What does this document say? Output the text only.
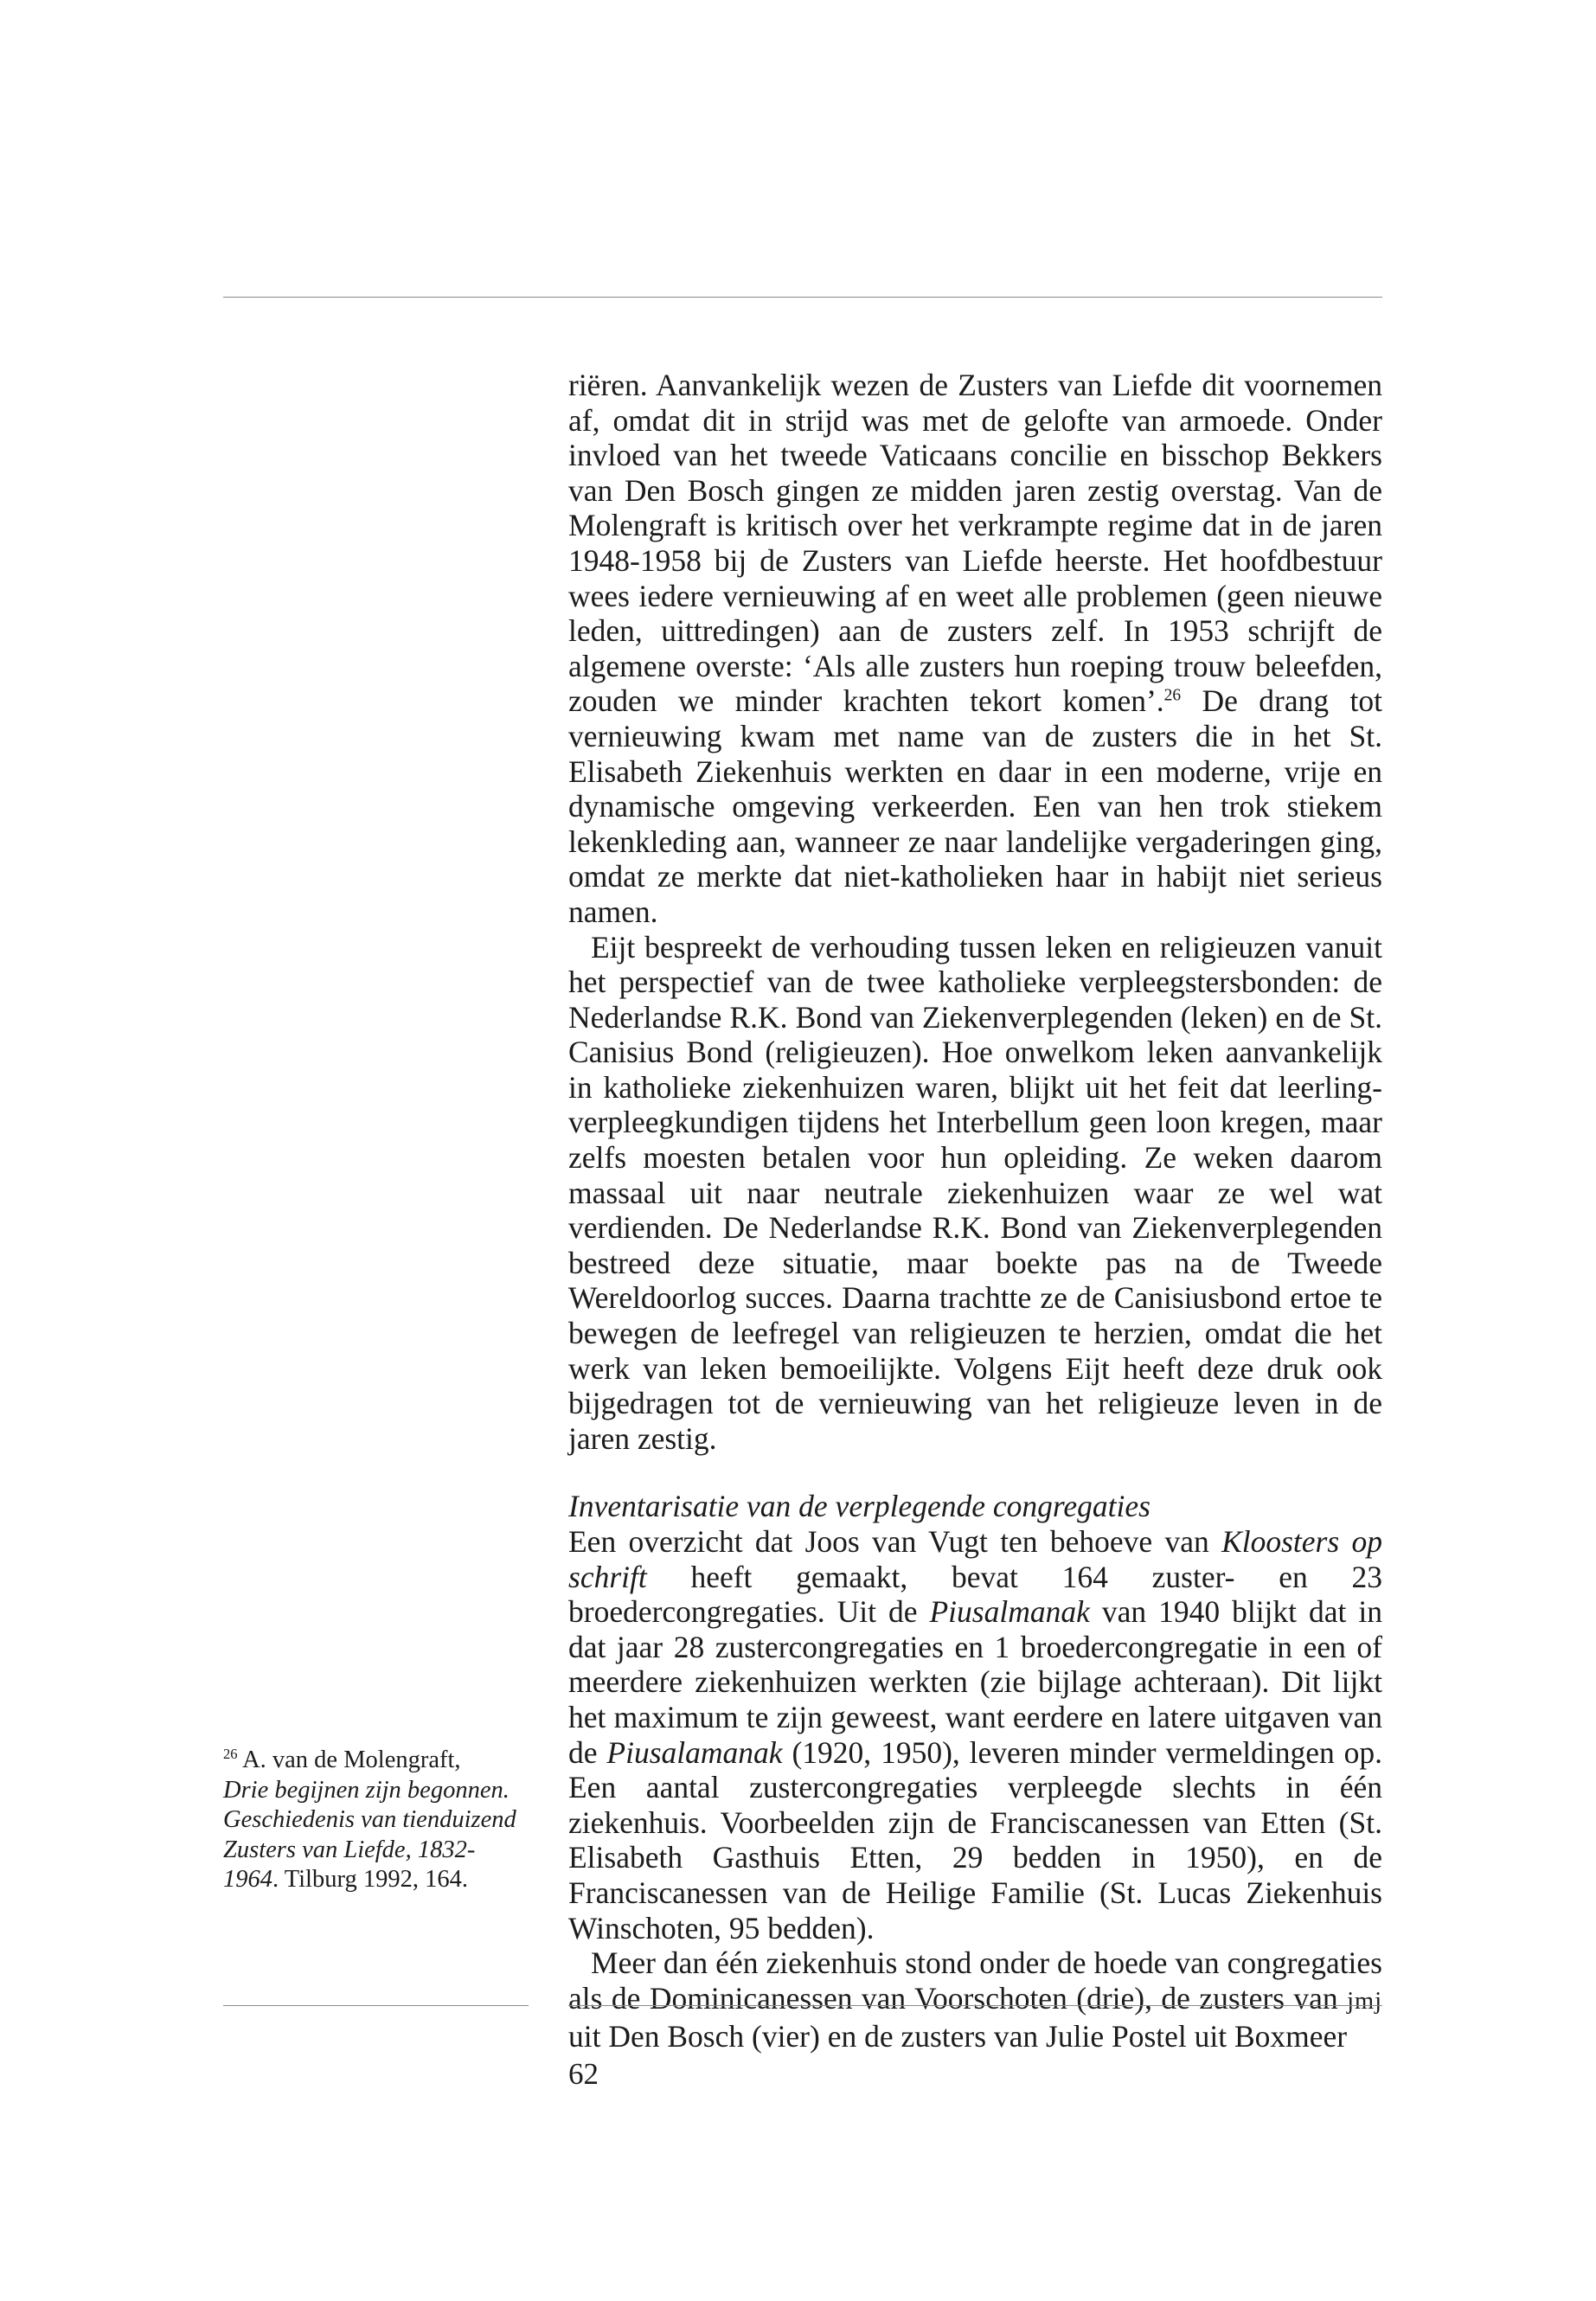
riëren. Aanvankelijk wezen de Zusters van Liefde dit voornemen af, omdat dit in strijd was met de gelofte van armoede. Onder invloed van het tweede Vaticaans concilie en bisschop Bekkers van Den Bosch gingen ze midden jaren zestig overstag. Van de Molengraft is kritisch over het verkrampte regime dat in de jaren 1948-1958 bij de Zusters van Liefde heerste. Het hoofdbestuur wees iedere vernieuwing af en weet alle problemen (geen nieuwe leden, uittredingen) aan de zusters zelf. In 1953 schrijft de algemene overste: ‘Als alle zusters hun roeping trouw beleefden, zouden we minder krachten tekort komen’.$^{26}$ De drang tot vernieuwing kwam met name van de zusters die in het St. Elisabeth Ziekenhuis werkten en daar in een moderne, vrije en dynamische omgeving verkeerden. Een van hen trok stiekem lekenkleding aan, wanneer ze naar landelijke vergaderingen ging, omdat ze merkte dat niet-katholieken haar in habijt niet serieus namen.

Eijt bespreekt de verhouding tussen leken en religieuzen vanuit het perspectief van de twee katholieke verpleegstersbonden: de Nederlandse R.K. Bond van Ziekenverplegenden (leken) en de St. Canisius Bond (religieuzen). Hoe onwelkom leken aanvankelijk in katholieke ziekenhuizen waren, blijkt uit het feit dat leerling-verpleegkundigen tijdens het Interbellum geen loon kregen, maar zelfs moesten betalen voor hun opleiding. Ze weken daarom massaal uit naar neutrale ziekenhuizen waar ze wel wat verdienden. De Nederlandse R.K. Bond van Ziekenverplegenden bestreed deze situatie, maar boekte pas na de Tweede Wereldoorlog succes. Daarna trachtte ze de Canisiusbond ertoe te bewegen de leefregel van religieuzen te herzien, omdat die het werk van leken bemoeilijkte. Volgens Eijt heeft deze druk ook bijgedragen tot de vernieuwing van het religieuze leven in de jaren zestig.

Inventarisatie van de verplegende congregaties

Een overzicht dat Joos van Vugt ten behoeve van Kloosters op schrift heeft gemaakt, bevat 164 zuster- en 23 broedercongregaties. Uit de Piusalmanak van 1940 blijkt dat in dat jaar 28 zustercongregaties en 1 broedercongregatie in een of meerdere ziekenhuizen werkten (zie bijlage achteraan). Dit lijkt het maximum te zijn geweest, want eerdere en latere uitgaven van de Piusalamanak (1920, 1950), leveren minder vermeldingen op. Een aantal zustercongregaties verpleegde slechts in één ziekenhuis. Voorbeelden zijn de Franciscanessen van Etten (St. Elisabeth Gasthuis Etten, 29 bedden in 1950), en de Franciscanessen van de Heilige Familie (St. Lucas Ziekenhuis Winschoten, 95 bedden).

Meer dan één ziekenhuis stond onder de hoede van congregaties als de Dominicanessen van Voorschoten (drie), de zusters van jmj uit Den Bosch (vier) en de zusters van Julie Postel uit Boxmeer

$^{26}$ A. van de Molengraft,
Drie begijnen zijn begonnen. Geschiedenis van tienduizend Zusters van Liefde, 1832-1964. Tilburg 1992, 164.
62
